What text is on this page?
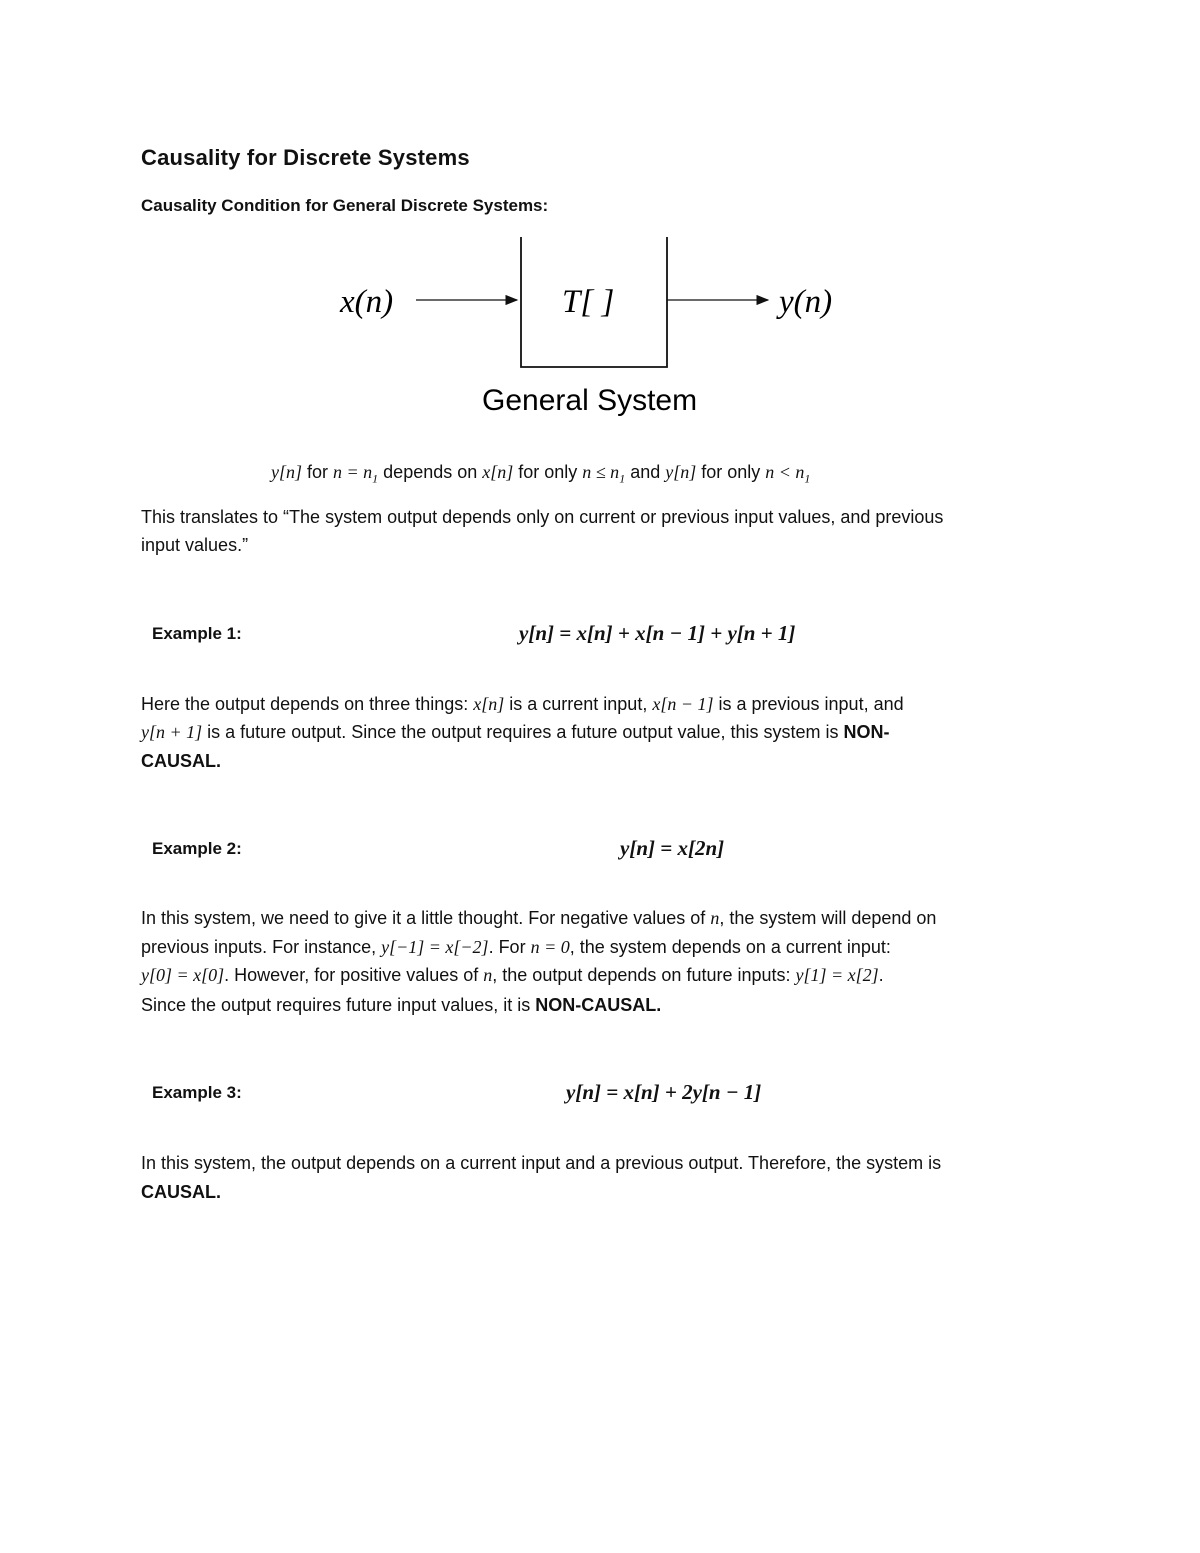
Causality for Discrete Systems
Causality Condition for General Discrete Systems:
x(n)	T[ ]	y(n)
General System
y[n] for $n = n_1$ depends on x[n] for only $n \le n_1$ and y[n] for only $n < n_1$
This translates to “The system output depends only on current or previous input values, and previous
input values.”
Example 1:	y[n] = x[n] + x[n − 1] + y[n + 1]
Here the output depends on three things: x[n] is a current input, x[n − 1] is a previous input, and
y[n + 1] is a future output. Since the output requires a future output value, this system is NON-
CAUSAL.
Example 2:	y[n] = x[2n]
In this system, we need to give it a little thought. For negative values of n, the system will depend on
previous inputs. For instance, y[−1] = x[−2]. For n = 0, the system depends on a current input:
y[0] = x[0]. However, for positive values of n, the output depends on future inputs: y[1] = x[2].
Since the output requires future input values, it is NON-CAUSAL.
Example 3:	y[n] = x[n] + 2y[n − 1]
In this system, the output depends on a current input and a previous output. Therefore, the system is
CAUSAL.
